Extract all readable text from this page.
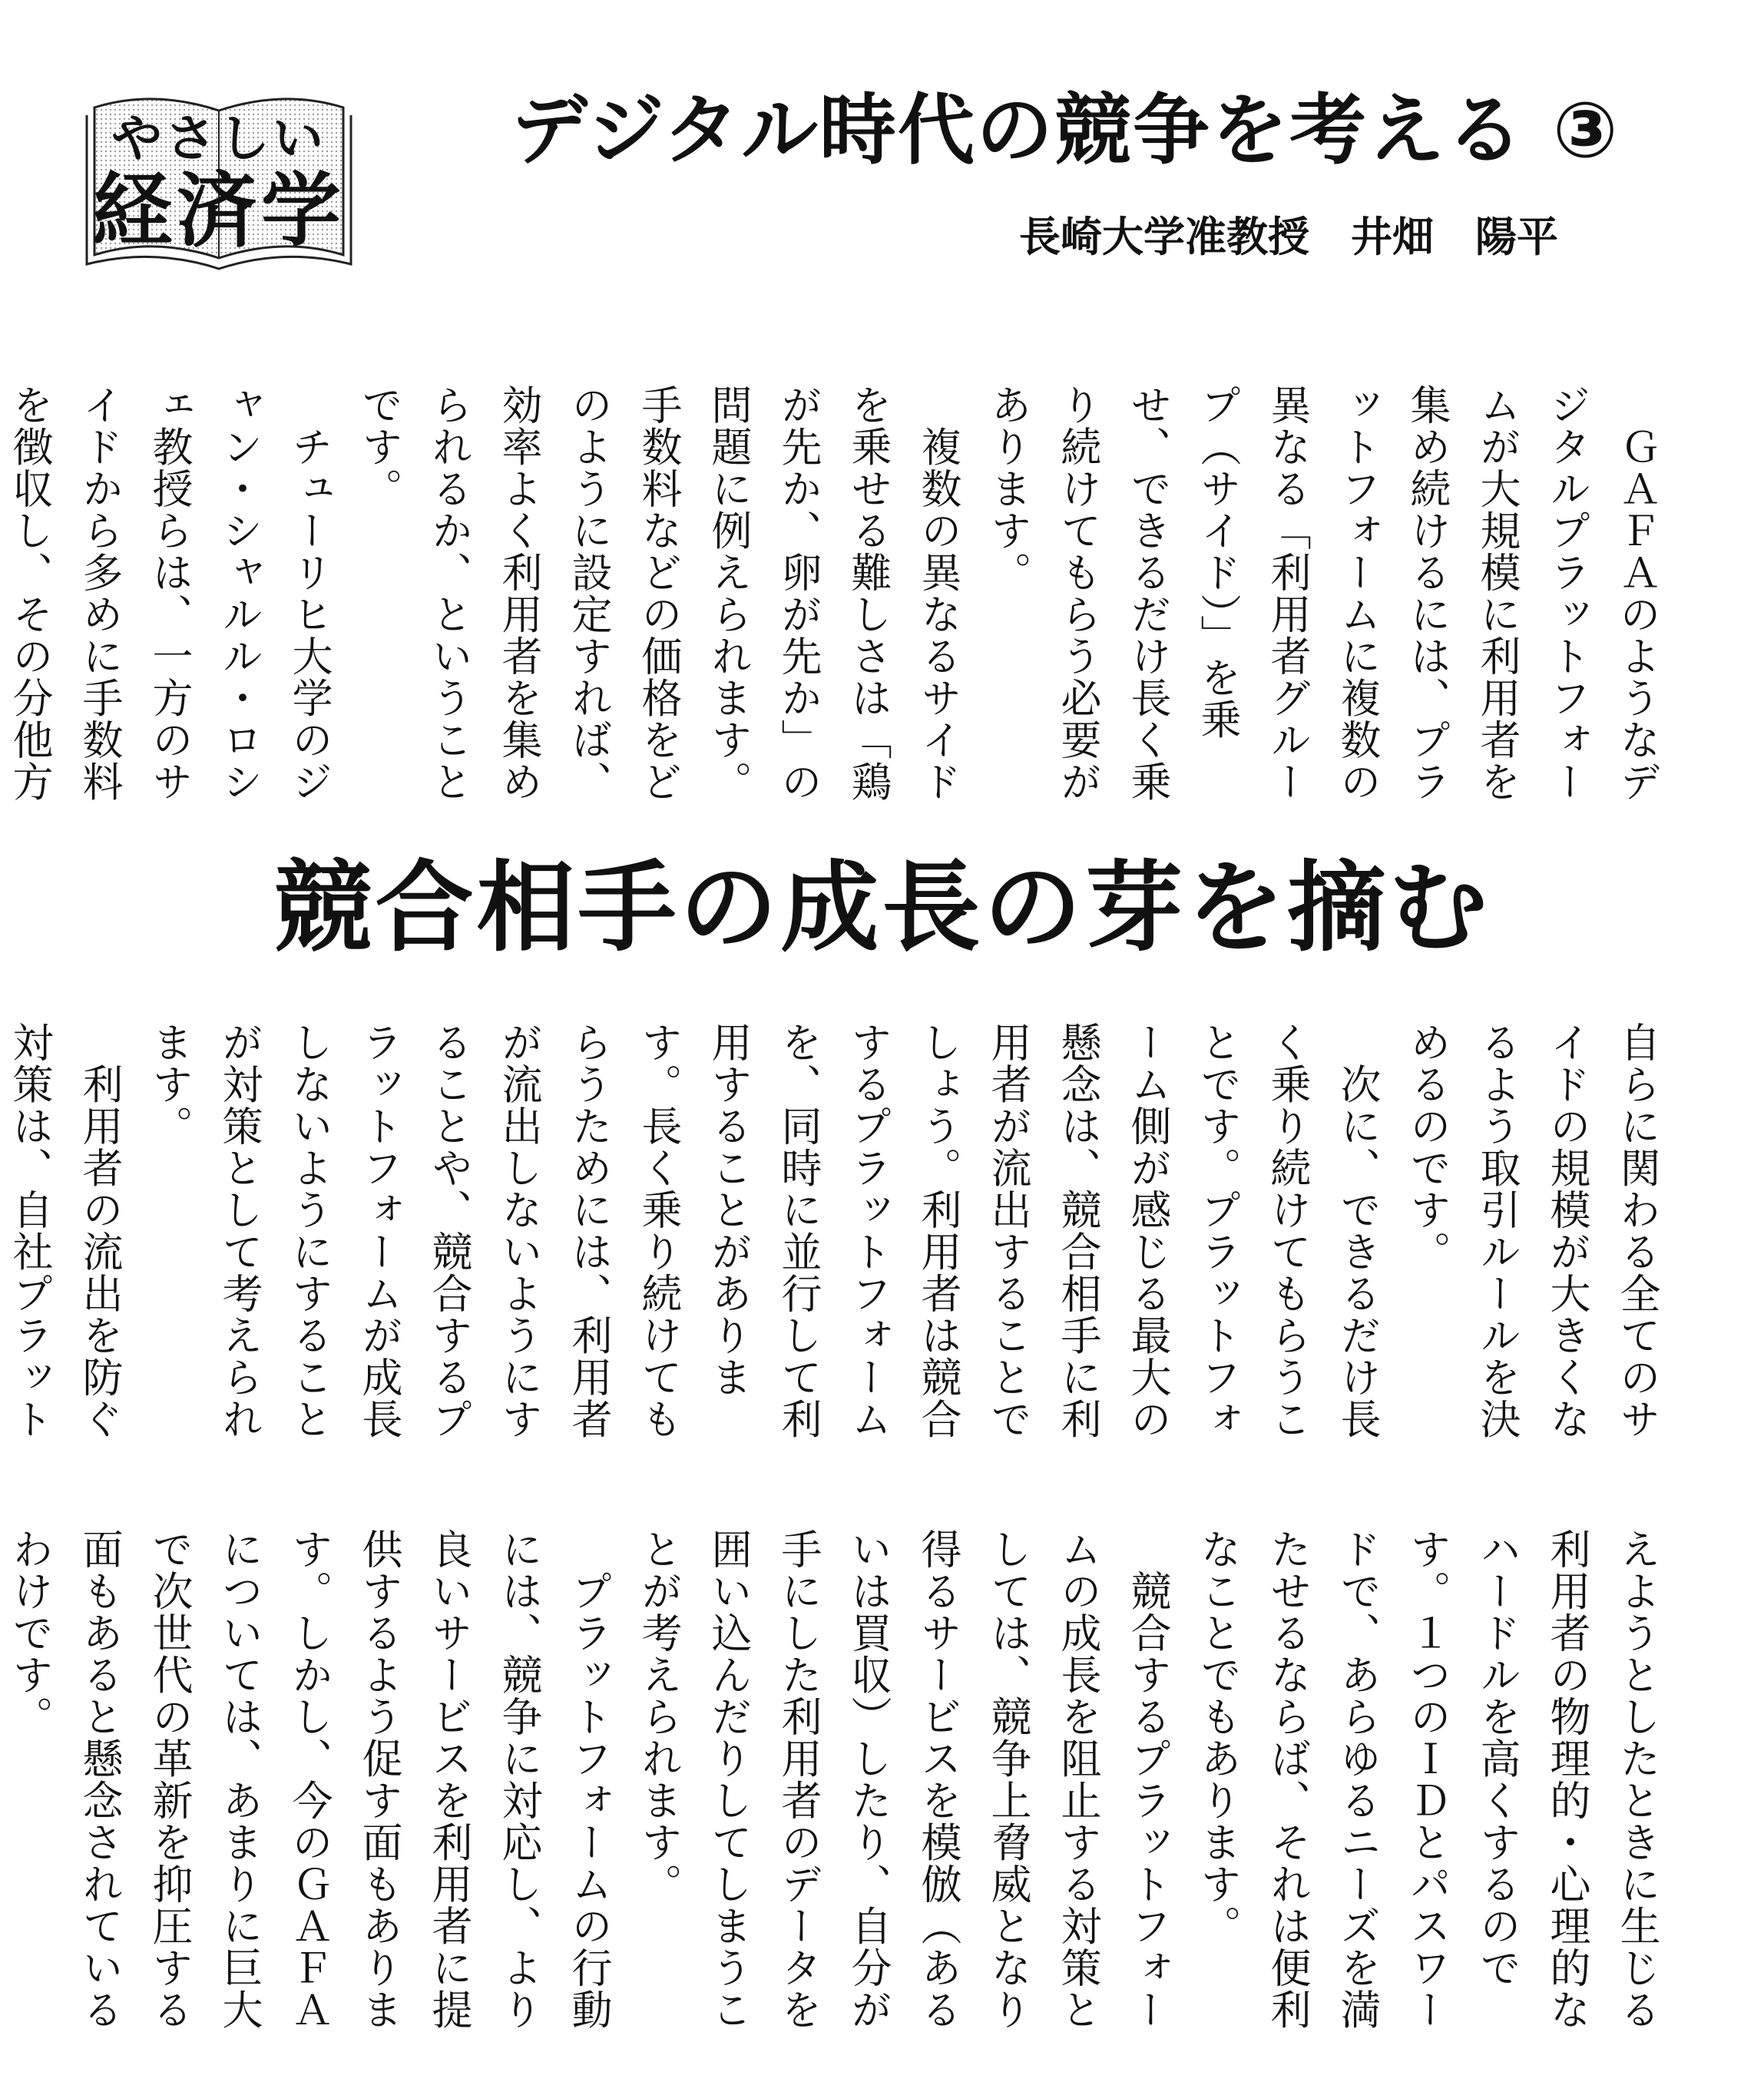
やさしい
経済学
デジタル時代の競争を考える ③
長崎大学准教授　井畑　陽平
　ＧＡＦＡのようなデジタルプラットフォームが大規模に利用者を集め続けるには、プラットフォームに複数の異なる「利用者グループ（サイド）」を乗せ、できるだけ長く乗り続けてもらう必要があります。
　複数の異なるサイドを乗せる難しさは「鶏が先か、卵が先か」の問題に例えられます。手数料などの価格をどのように設定すれば、効率よく利用者を集められるか、ということです。
　チューリヒ大学のジャン・シャルル・ロシェ教授らは、一方のサイドから多めに手数料を徴収し、その分他方
競合相手の成長の芽を摘む
自らに関わる全てのサイドの規模が大きくなるよう取引ルールを決めるのです。
　次に、できるだけ長く乗り続けてもらうことです。プラットフォーム側が感じる最大の懸念は、競合相手に利用者が流出することでしょう。利用者は競合するプラットフォームを、同時に並行して利用することがあります。長く乗り続けてもらうためには、利用者が流出しないようにすることや、競合するプラットフォームが成長しないようにすることが対策として考えられます。
　利用者の流出を防ぐ対策は、自社プラット
えようとしたときに生じる利用者の物理的・心理的なハードルを高くするのです。１つのＩＤとパスワードで、あらゆるニーズを満たせるならば、それは便利なことでもあります。
　競合するプラットフォームの成長を阻止する対策としては、競争上脅威となり得るサービスを模倣（あるいは買収）したり、自分が手にした利用者のデータを囲い込んだりしてしまうことが考えられます。
　プラットフォームの行動には、競争に対応し、より良いサービスを利用者に提供するよう促す面もあります。しかし、今のＧＡＦＡについては、あまりに巨大で次世代の革新を抑圧する面もあると懸念されているわけです。
